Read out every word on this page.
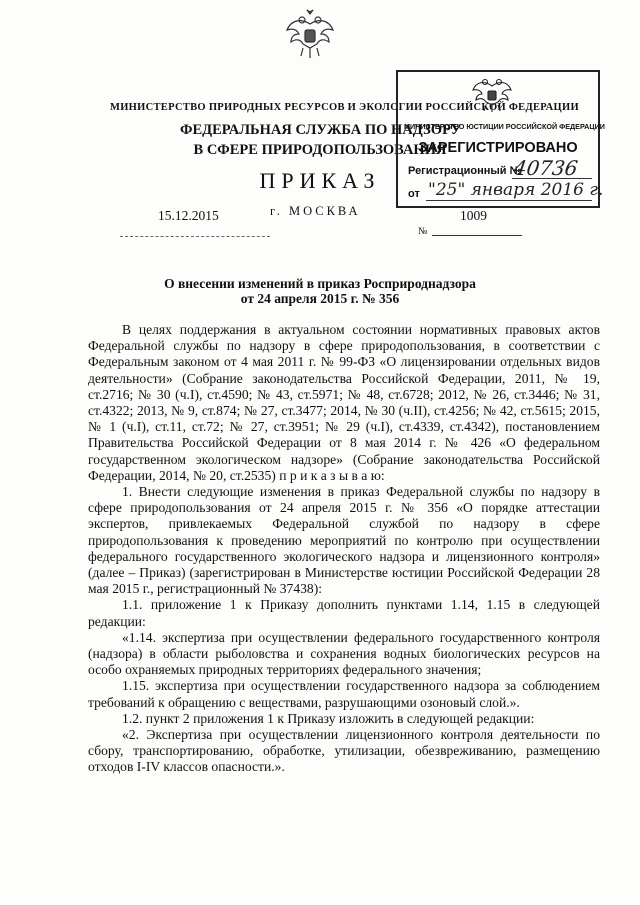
МИНИСТЕРСТВО ПРИРОДНЫХ РЕСУРСОВ И ЭКОЛОГИИ РОССИЙСКОЙ ФЕДЕРАЦИИ
ФЕДЕРАЛЬНАЯ СЛУЖБА ПО НАДЗОРУ
В СФЕРЕ ПРИРОДОПОЛЬЗОВАНИЯ
ПРИКАЗ
15.12.2015	г. МОСКВА	1009
№
МИНИСТЕРСТВО ЮСТИЦИИ РОССИЙСКОЙ ФЕДЕРАЦИИ
ЗАРЕГИСТРИРОВАНО
Регистрационный №
40736
от "25" января 2016 г.
О внесении изменений в приказ Росприроднадзора
от 24 апреля 2015 г. № 356

В целях поддержания в актуальном состоянии нормативных правовых актов Федеральной службы по надзору в сфере природопользования, в соответствии с Федеральным законом от 4 мая 2011 г. № 99-ФЗ «О лицензировании отдельных видов деятельности» (Собрание законодательства Российской Федерации, 2011, № 19, ст.2716; № 30 (ч.I), ст.4590; № 43, ст.5971; № 48, ст.6728; 2012, № 26, ст.3446; № 31, ст.4322; 2013, № 9, ст.874; № 27, ст.3477; 2014, № 30 (ч.II), ст.4256; № 42, ст.5615; 2015, № 1 (ч.I), ст.11, ст.72; № 27, ст.3951; № 29 (ч.I), ст.4339, ст.4342), постановлением Правительства Российской Федерации от 8 мая 2014 г. № 426 «О федеральном государственном экологическом надзоре» (Собрание законодательства Российской Федерации, 2014, № 20, ст.2535) п р и к а з ы в а ю:

1. Внести следующие изменения в приказ Федеральной службы по надзору в сфере природопользования от 24 апреля 2015 г. № 356 «О порядке аттестации экспертов, привлекаемых Федеральной службой по надзору в сфере природопользования к проведению мероприятий по контролю при осуществлении федерального государственного экологического надзора и лицензионного контроля» (далее – Приказ) (зарегистрирован в Министерстве юстиции Российской Федерации 28 мая 2015 г., регистрационный № 37438):

1.1. приложение 1 к Приказу дополнить пунктами 1.14, 1.15 в следующей редакции:

«1.14. экспертиза при осуществлении федерального государственного контроля (надзора) в области рыболовства и сохранения водных биологических ресурсов на особо охраняемых природных территориях федерального значения;

1.15. экспертиза при осуществлении государственного надзора за соблюдением требований к обращению с веществами, разрушающими озоновый слой.».

1.2. пункт 2 приложения 1 к Приказу изложить в следующей редакции:

«2. Экспертиза при осуществлении лицензионного контроля деятельности по сбору, транспортированию, обработке, утилизации, обезвреживанию, размещению отходов I-IV классов опасности.».
